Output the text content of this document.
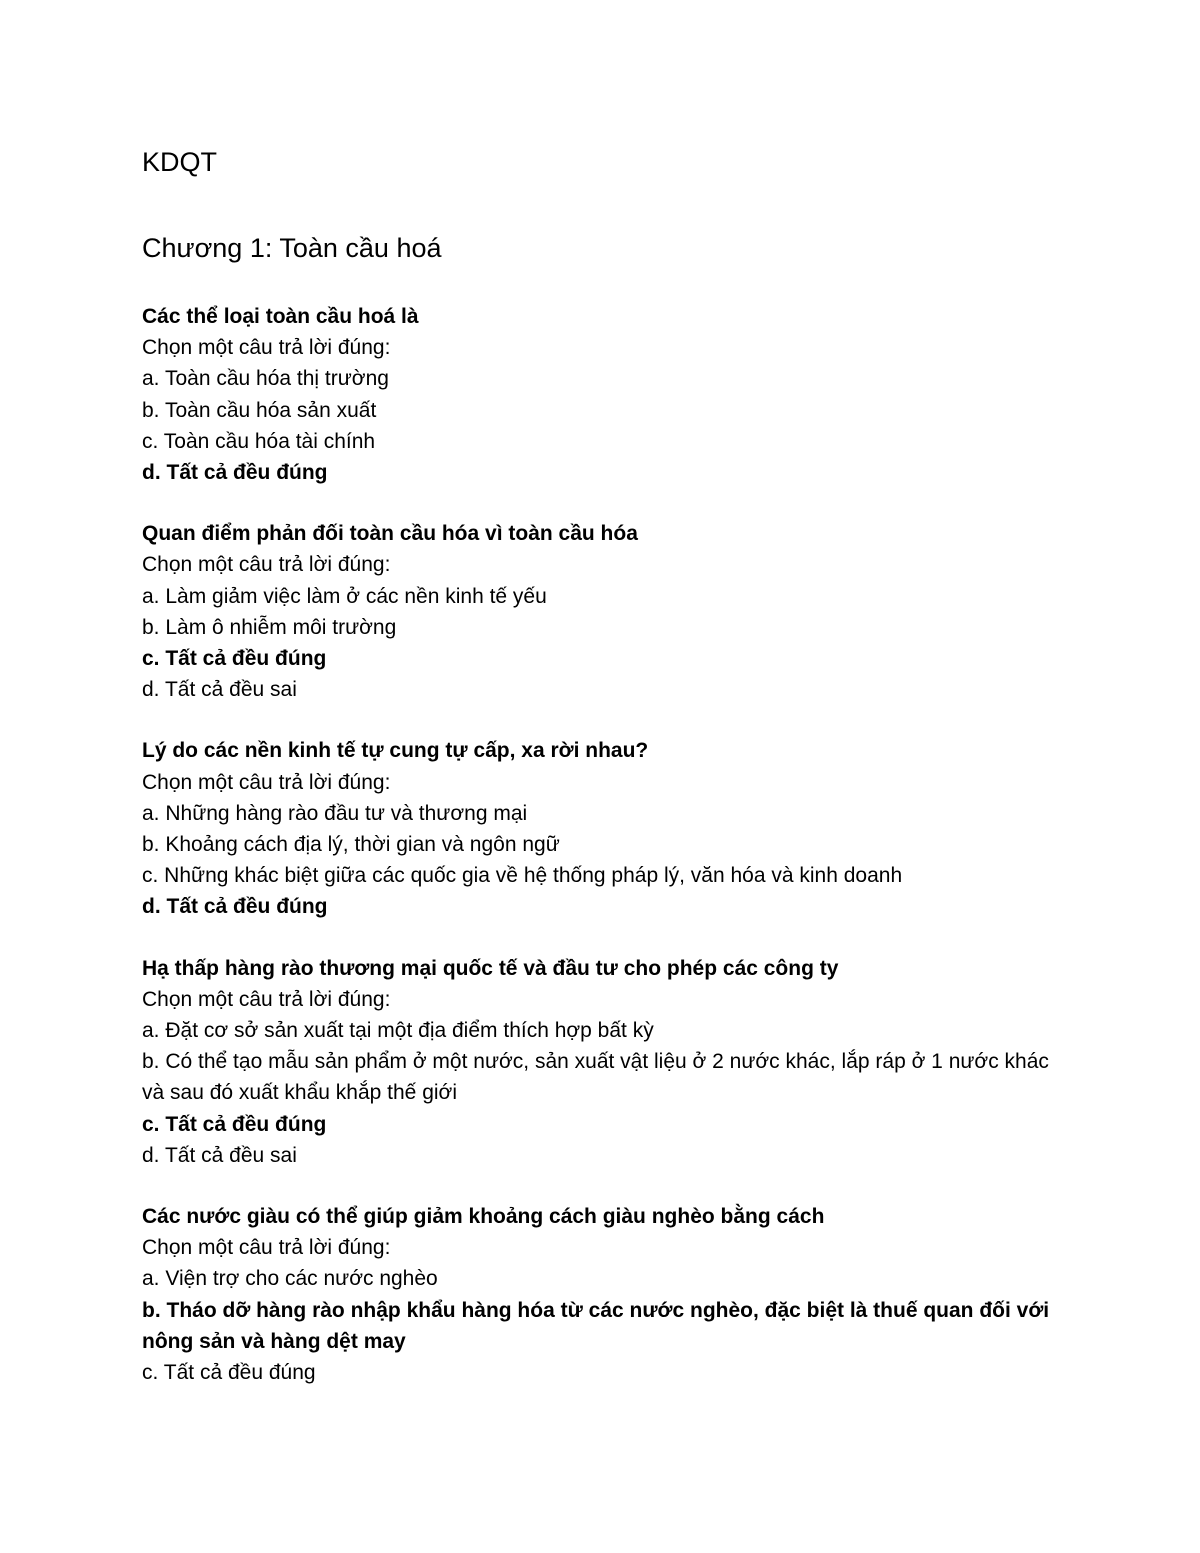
KDQT
Chương 1: Toàn cầu hoá

Các thể loại toàn cầu hoá là

Chọn một câu trả lời đúng:

a. Toàn cầu hóa thị trường

b. Toàn cầu hóa sản xuất

c. Toàn cầu hóa tài chính

d. Tất cả đều đúng

Quan điểm phản đối toàn cầu hóa vì toàn cầu hóa

Chọn một câu trả lời đúng:

a. Làm giảm việc làm ở các nền kinh tế yếu

b. Làm ô nhiễm môi trường

c. Tất cả đều đúng

d. Tất cả đều sai

Lý do các nền kinh tế tự cung tự cấp, xa rời nhau?

Chọn một câu trả lời đúng:

a. Những hàng rào đầu tư và thương mại

b. Khoảng cách địa lý, thời gian và ngôn ngữ

c. Những khác biệt giữa các quốc gia về hệ thống pháp lý, văn hóa và kinh doanh

d. Tất cả đều đúng

Hạ thấp hàng rào thương mại quốc tế và đầu tư cho phép các công ty

Chọn một câu trả lời đúng:

a. Đặt cơ sở sản xuất tại một địa điểm thích hợp bất kỳ

b. Có thể tạo mẫu sản phẩm ở một nước, sản xuất vật liệu ở 2 nước khác, lắp ráp ở 1 nước khác và sau đó xuất khẩu khắp thế giới

c. Tất cả đều đúng

d. Tất cả đều sai

Các nước giàu có thể giúp giảm khoảng cách giàu nghèo bằng cách

Chọn một câu trả lời đúng:

a. Viện trợ cho các nước nghèo

b. Tháo dỡ hàng rào nhập khẩu hàng hóa từ các nước nghèo, đặc biệt là thuế quan đối với nông sản và hàng dệt may

c. Tất cả đều đúng
